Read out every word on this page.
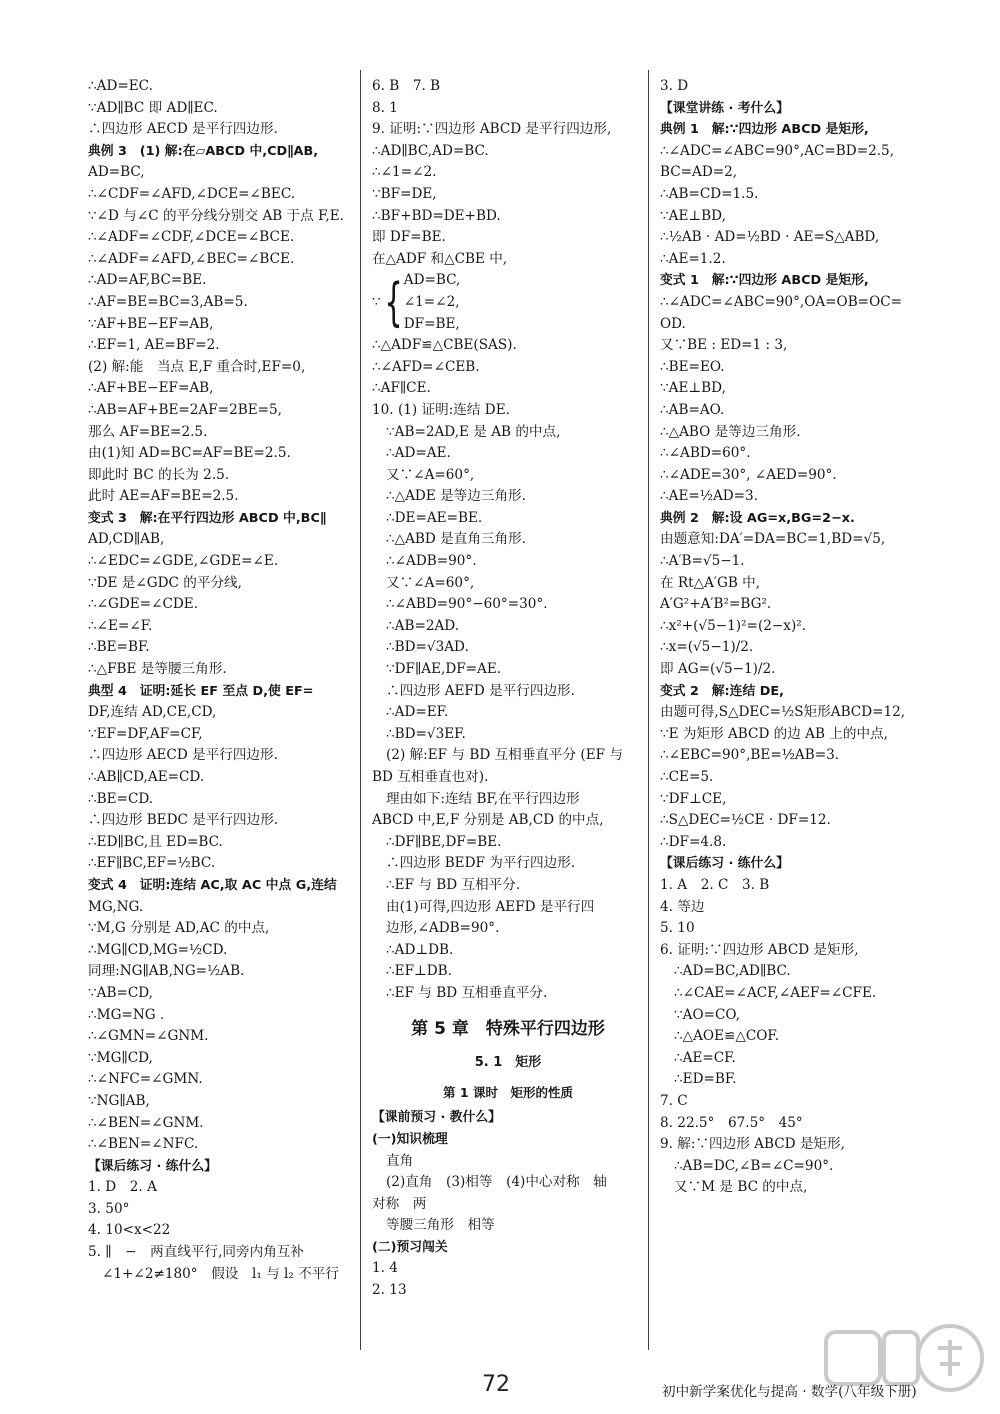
∴AD=EC.
∵AD∥BC 即 AD∥EC.
∴四边形 AECD 是平行四边形.
典例 3　(1) 解:在▱ABCD 中,CD∥AB,
AD=BC,
∴∠CDF=∠AFD,∠DCE=∠BEC.
∵∠D 与∠C 的平分线分别交 AB 于点 F,E.
∴∠ADF=∠CDF,∠DCE=∠BCE.
∴∠ADF=∠AFD,∠BEC=∠BCE.
∴AD=AF,BC=BE.
∴AF=BE=BC=3,AB=5.
∵AF+BE−EF=AB,
∴EF=1, AE=BF=2.
(2) 解:能　当点 E,F 重合时,EF=0,
∴AF+BE−EF=AB,
∴AB=AF+BE=2AF=2BE=5,
那么 AF=BE=2.5.
由(1)知 AD=BC=AF=BE=2.5.
即此时 BC 的长为 2.5.
此时 AE=AF=BE=2.5.
变式 3　解:在平行四边形 ABCD 中,BC∥
AD,CD∥AB,
∴∠EDC=∠GDE,∠GDE=∠E.
∵DE 是∠GDC 的平分线,
∴∠GDE=∠CDE.
∴∠E=∠F.
∴BE=BF.
∴△FBE 是等腰三角形.
典型 4　证明:延长 EF 至点 D,使 EF=
DF,连结 AD,CE,CD,
∵EF=DF,AF=CF,
∴四边形 AECD 是平行四边形.
∴AB∥CD,AE=CD.
∴BE=CD.
∴四边形 BEDC 是平行四边形.
∴ED∥BC,且 ED=BC.
∴EF∥BC,EF=½BC.
变式 4　证明:连结 AC,取 AC 中点 G,连结
MG,NG.
∵M,G 分别是 AD,AC 的中点,
∴MG∥CD,MG=½CD.
同理:NG∥AB,NG=½AB.
∵AB=CD,
∴MG=NG .
∴∠GMN=∠GNM.
∵MG∥CD,
∴∠NFC=∠GMN.
∵NG∥AB,
∴∠BEN=∠GNM.
∴∠BEN=∠NFC.
【课后练习 · 练什么】
1. D　2. A
3. 50°
4. 10<x<22
5. ∥　−　两直线平行,同旁内角互补
∠1+∠2≠180°　假设　l₁ 与 l₂ 不平行
6. B　7. B
8. 1
9. 证明:∵四边形 ABCD 是平行四边形,
∴AD∥BC,AD=BC.
∴∠1=∠2.
∵BF=DE,
∴BF+BD=DE+BD.
即 DF=BE.
在△ADF 和△CBE 中,
∵ { AD=BC,
∠1=∠2,
DF=BE,
∴△ADF≌△CBE(SAS).
∴∠AFD=∠CEB.
∴AF∥CE.
10. (1) 证明:连结 DE.
∵AB=2AD,E 是 AB 的中点,
∴AD=AE.
又∵∠A=60°,
∴△ADE 是等边三角形.
∴DE=AE=BE.
∴△ABD 是直角三角形.
∴∠ADB=90°.
又∵∠A=60°,
∴∠ABD=90°−60°=30°.
∴AB=2AD.
∴BD=√3AD.
∵DF∥AE,DF=AE.
∴四边形 AEFD 是平行四边形.
∴AD=EF.
∴BD=√3EF.
(2) 解:EF 与 BD 互相垂直平分 (EF 与
BD 互相垂直也对).
理由如下:连结 BF,在平行四边形
ABCD 中,E,F 分别是 AB,CD 的中点,
∴DF∥BE,DF=BE.
∴四边形 BEDF 为平行四边形.
∴EF 与 BD 互相平分.
由(1)可得,四边形 AEFD 是平行四
边形,∠ADB=90°.
∴AD⊥DB.
∴EF⊥DB.
∴EF 与 BD 互相垂直平分.
第 5 章　特殊平行四边形
5. 1　矩形
第 1 课时　矩形的性质
【课前预习 · 教什么】
(一)知识梳理
直角
(2)直角　(3)相等　(4)中心对称　轴
对称　两
等腰三角形　相等
(二)预习闯关
1. 4
2. 13
3. D
【课堂讲练 · 考什么】
典例 1　解:∵四边形 ABCD 是矩形,
∴∠ADC=∠ABC=90°,AC=BD=2.5,
BC=AD=2,
∴AB=CD=1.5.
∵AE⊥BD,
∴½AB · AD=½BD · AE=S△ABD,
∴AE=1.2.
变式 1　解:∵四边形 ABCD 是矩形,
∴∠ADC=∠ABC=90°,OA=OB=OC=
OD.
又∵BE : ED=1 : 3,
∴BE=EO.
∵AE⊥BD,
∴AB=AO.
∴△ABO 是等边三角形.
∴∠ABD=60°.
∴∠ADE=30°, ∠AED=90°.
∴AE=½AD=3.
典例 2　解:设 AG=x,BG=2−x.
由题意知:DA′=DA=BC=1,BD=√5,
∴A′B=√5−1.
在 Rt△A′GB 中,
A′G²+A′B²=BG².
∴x²+(√5−1)²=(2−x)².
∴x=(√5−1)/2.
即 AG=(√5−1)/2.
变式 2　解:连结 DE,
由题可得,S△DEC=½S矩形ABCD=12,
∵E 为矩形 ABCD 的边 AB 上的中点,
∴∠EBC=90°,BE=½AB=3.
∴CE=5.
∵DF⊥CE,
∴S△DEC=½CE · DF=12.
∴DF=4.8.
【课后练习 · 练什么】
1. A　2. C　3. B
4. 等边
5. 10
6. 证明:∵四边形 ABCD 是矩形,
∴AD=BC,AD∥BC.
∴∠CAE=∠ACF,∠AEF=∠CFE.
∵AO=CO,
∴△AOE≌△COF.
∴AE=CF.
∴ED=BF.
7. C
8. 22.5°　67.5°　45°
9. 解:∵四边形 ABCD 是矩形,
∴AB=DC,∠B=∠C=90°.
又∵M 是 BC 的中点,
72	初中新学案优化与提高 · 数学(八年级下册)
